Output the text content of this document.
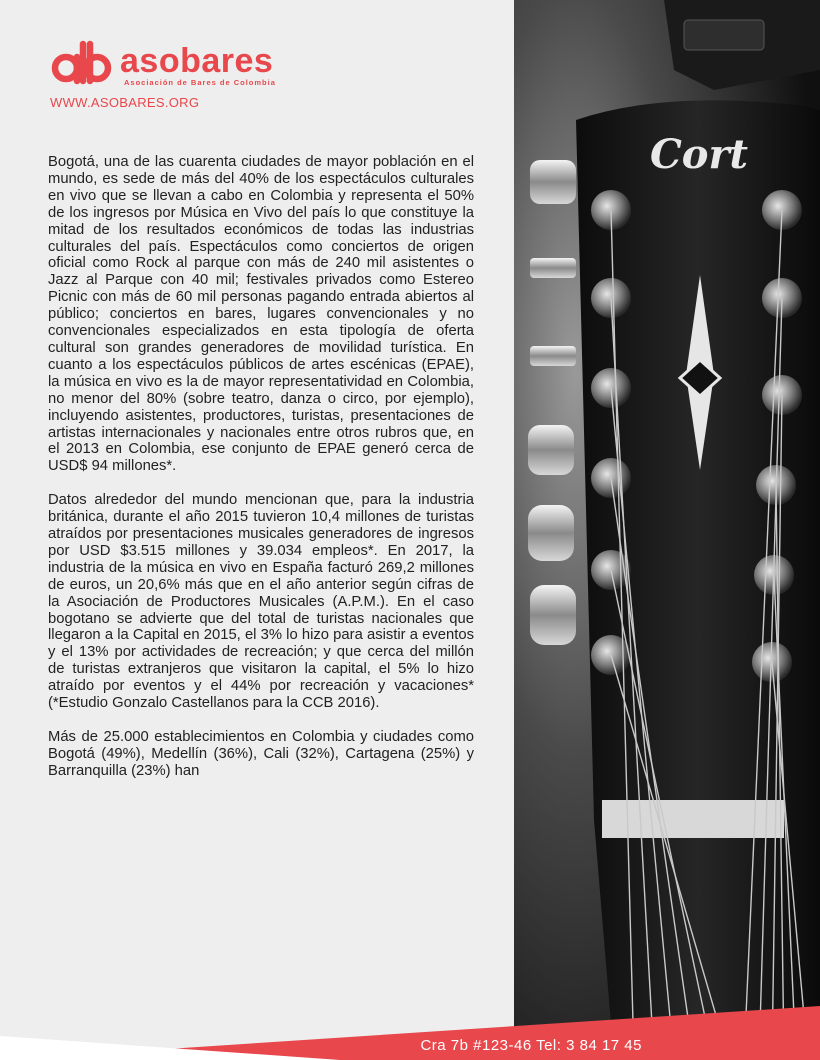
asobares
Asociación de Bares de Colombia
WWW.ASOBARES.ORG

Bogotá, una de las cuarenta ciudades de mayor población en el mundo, es sede de más del 40% de los espectáculos culturales en vivo que se llevan a cabo en Colombia y representa el 50% de los ingresos por Música en Vivo del país lo que constituye la mitad de los resultados económicos de todas las industrias culturales del país. Espectáculos como conciertos de origen oficial como Rock al parque con más de 240 mil asistentes o Jazz al Parque con 40 mil; festivales privados como Estereo Picnic con más de 60 mil personas pagando entrada abiertos al público; conciertos en bares, lugares convencionales y no convencionales especializados en esta tipología de oferta cultural son grandes generadores de movilidad turística. En cuanto a los espectáculos públicos de artes escénicas (EPAE), la música en vivo es la de mayor representatividad en Colombia, no menor del 80% (sobre teatro, danza o circo, por ejemplo), incluyendo asistentes, productores, turistas, presentaciones de artistas internacionales y nacionales entre otros rubros que, en el 2013 en Colombia, ese conjunto de EPAE generó cerca de USD$ 94 millones*.

Datos alrededor del mundo mencionan que, para la industria británica, durante el año 2015 tuvieron 10,4 millones de turistas atraídos por presentaciones musicales generadores de ingresos por USD $3.515 millones y 39.034 empleos*. En 2017, la industria de la música en vivo en España facturó 269,2 millones de euros, un 20,6% más que en el año anterior según cifras de la Asociación de Productores Musicales (A.P.M.). En el caso bogotano se advierte que del total de turistas nacionales que llegaron a la Capital en 2015, el 3% lo hizo para asistir a eventos y el 13% por actividades de recreación; y que cerca del millón de turistas extranjeros que visitaron la capital, el 5% lo hizo atraído por eventos y el 44% por recreación y vacaciones* (*Estudio Gonzalo Castellanos para la CCB 2016).

Más de 25.000 establecimientos en Colombia y ciudades como Bogotá (49%), Medellín (36%), Cali (32%), Cartagena (25%) y Barranquilla (23%) han

Cort
Cra 7b #123-46 Tel: 3 84 17 45
